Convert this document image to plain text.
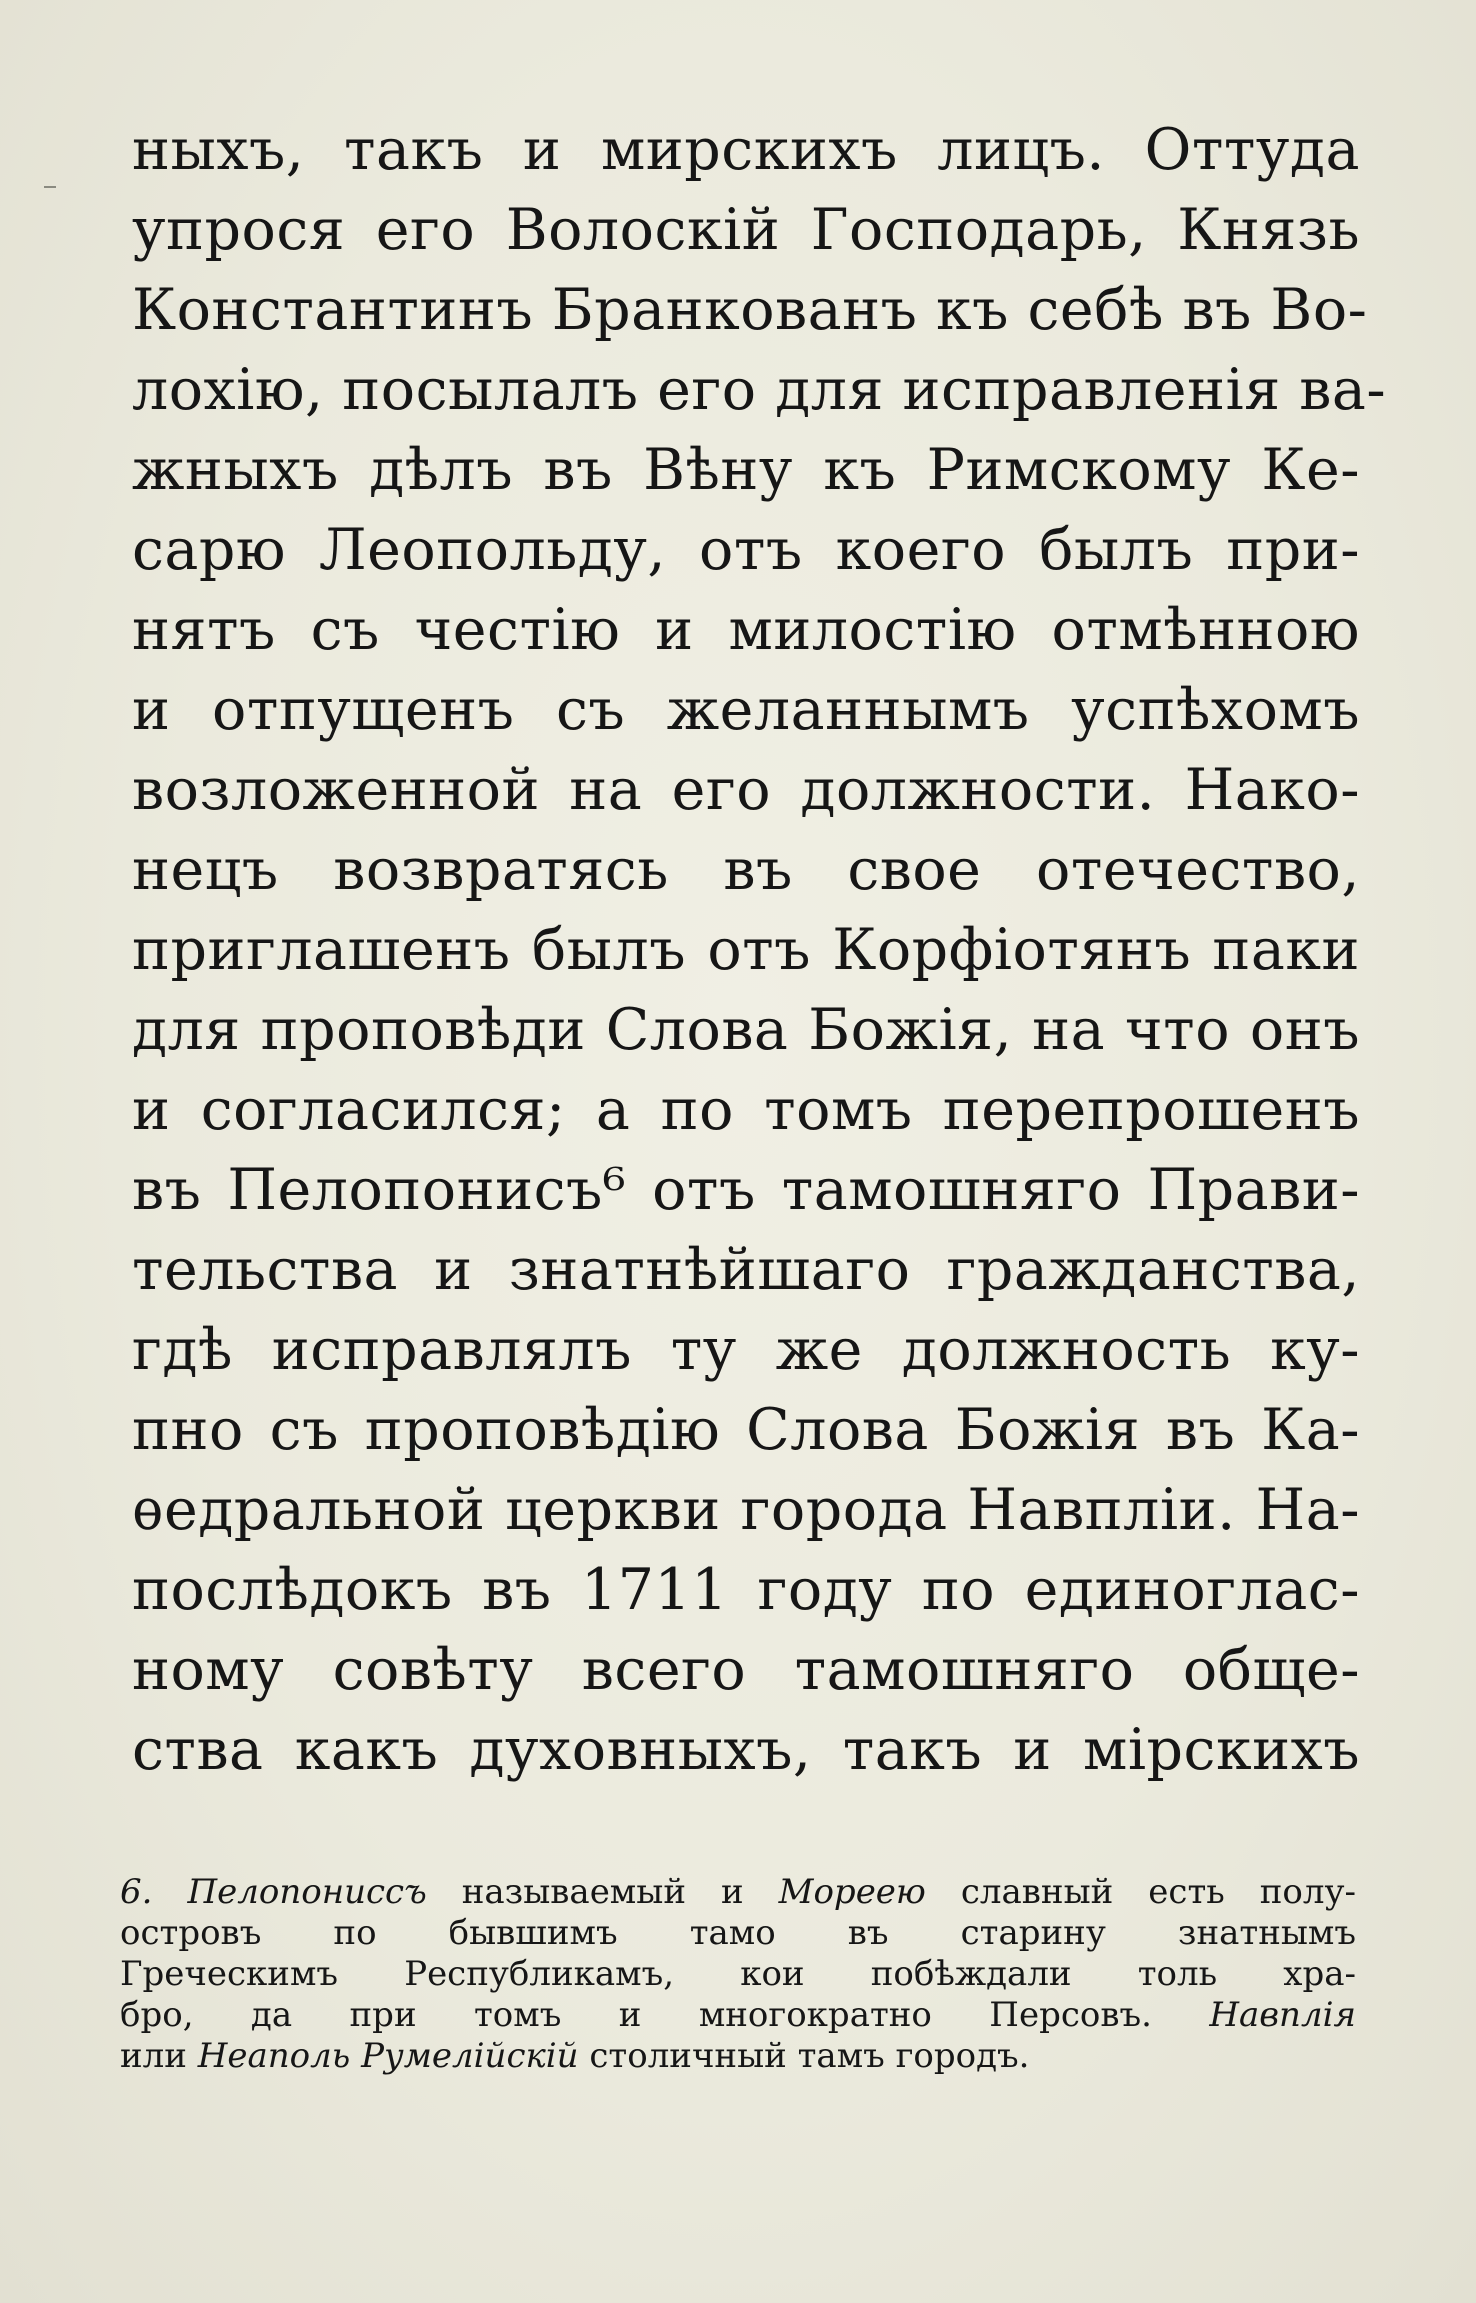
ныхъ, такъ и мирскихъ лицъ. Оттуда
упрося его Волоскій Господарь, Князь
Константинъ Бранкованъ къ себѣ въ Во-
лохію, посылалъ его для исправленія ва-
жныхъ дѣлъ въ Вѣну къ Римскому Ке-
сарю Леопольду, отъ коего былъ при-
нятъ съ честію и милостію отмѣнною
и отпущенъ съ желаннымъ успѣхомъ
возложенной на его должности. Нако-
нецъ возвратясь въ свое отечество,
приглашенъ былъ отъ Корфіотянъ паки
для проповѣди Слова Божія, на что онъ
и согласился; а по томъ перепрошенъ
въ Пелопонисъ⁶ отъ тамошняго Прави-
тельства и знатнѣйшаго гражданства,
гдѣ исправлялъ ту же должность ку-
пно съ проповѣдію Слова Божія въ Ка-
ѳедральной церкви города Навпліи. На-
послѣдокъ въ 1711 году по единоглас-
ному совѣту всего тамошняго обще-
ства какъ духовныхъ, такъ и мірскихъ
6. Пелопониссъ называемый и Мореею славный есть полу-
островъ по бывшимъ тамо въ старину знатнымъ
Греческимъ Республикамъ, кои побѣждали толь хра-
бро, да при томъ и многократно Персовъ. Навплія
или Неаполь Румелійскій столичный тамъ городъ.
